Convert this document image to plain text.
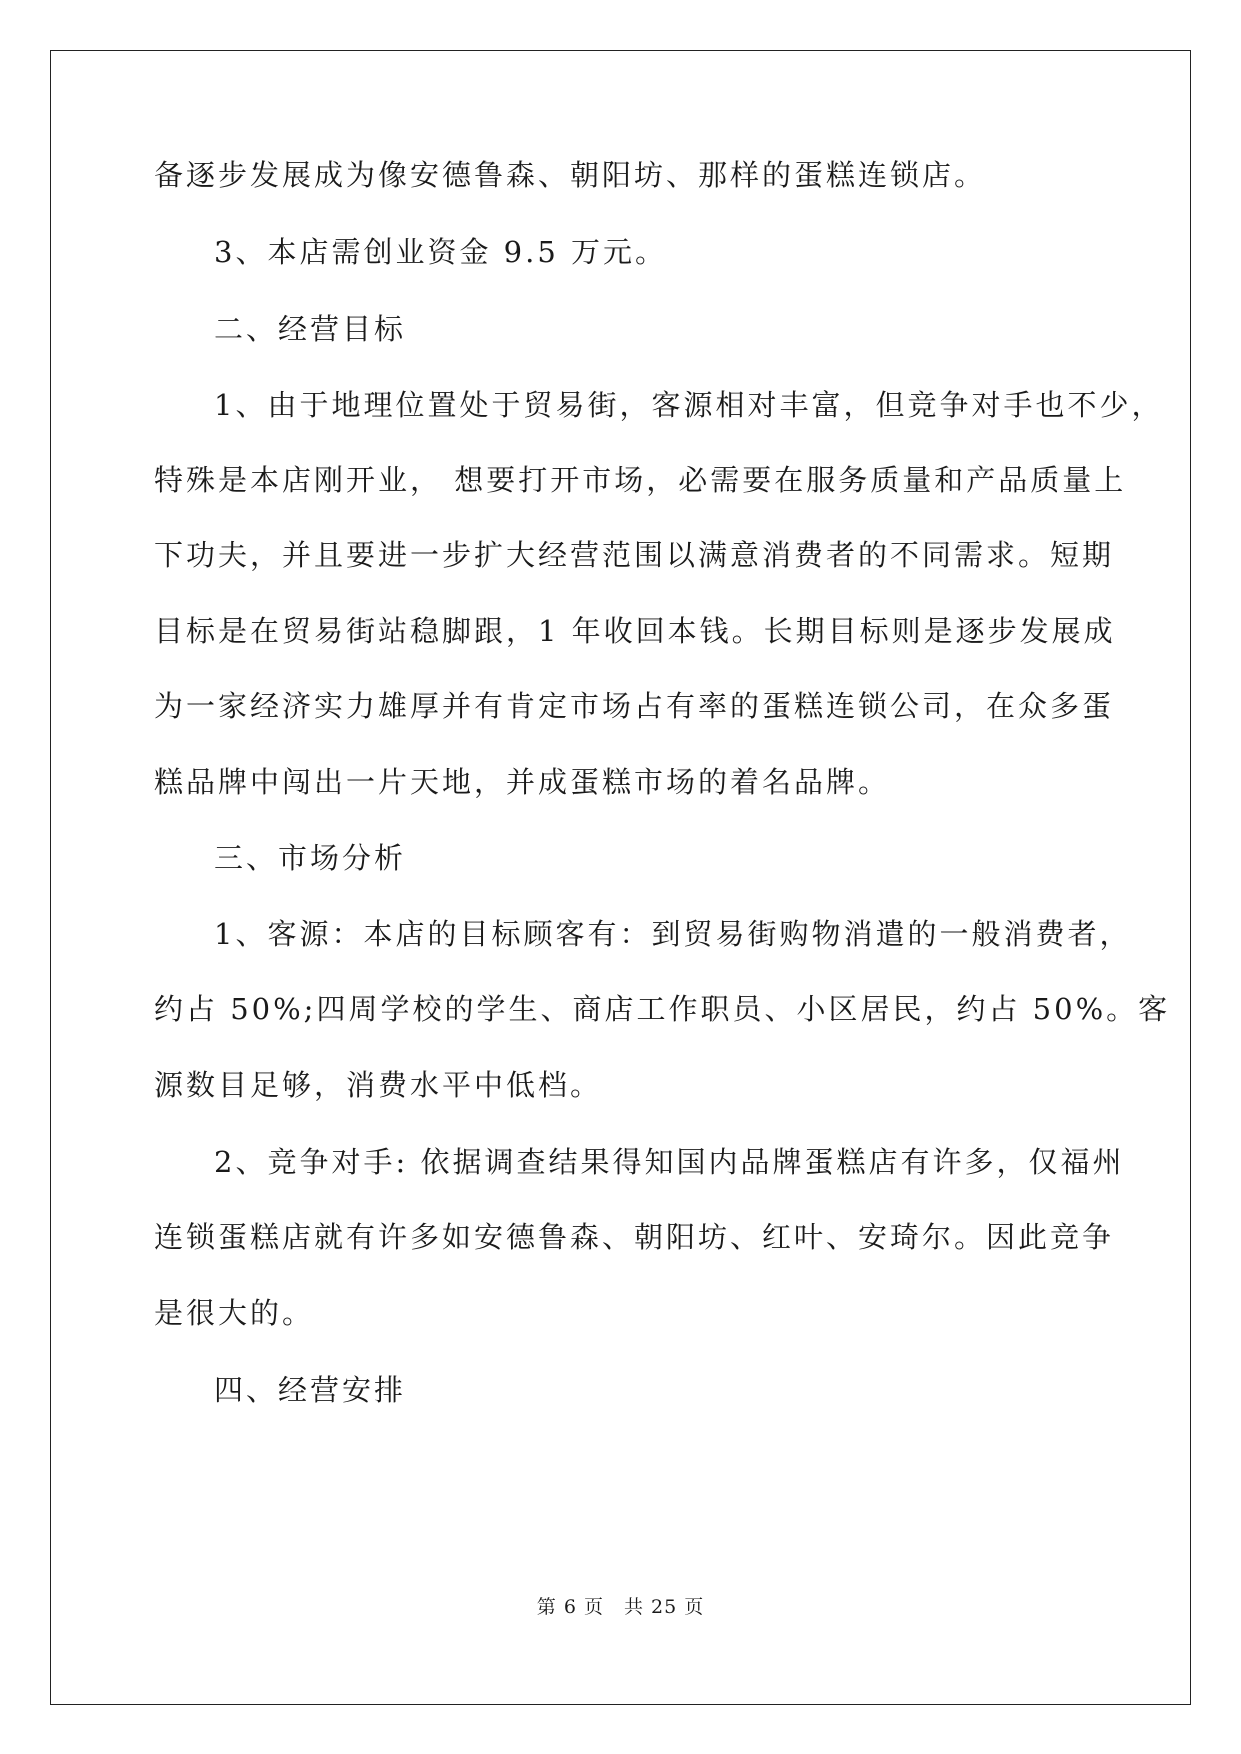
备逐步发展成为像安德鲁森、朝阳坊、那样的蛋糕连锁店。
3、本店需创业资金 9.5 万元。
二、经营目标
1、由于地理位置处于贸易街，客源相对丰富，但竞争对手也不少，
特殊是本店刚开业， 想要打开市场，必需要在服务质量和产品质量上
下功夫，并且要进一步扩大经营范围以满意消费者的不同需求。短期
目标是在贸易街站稳脚跟，1 年收回本钱。长期目标则是逐步发展成
为一家经济实力雄厚并有肯定市场占有率的蛋糕连锁公司，在众多蛋
糕品牌中闯出一片天地，并成蛋糕市场的着名品牌。
三、市场分析
1、客源：本店的目标顾客有：到贸易街购物消遣的一般消费者，
约占 50%;四周学校的学生、商店工作职员、小区居民，约占 50%。客
源数目足够，消费水平中低档。
2、竞争对手: 依据调查结果得知国内品牌蛋糕店有许多，仅福州
连锁蛋糕店就有许多如安德鲁森、朝阳坊、红叶、安琦尔。因此竞争
是很大的。
四、经营安排
第 6 页 共 25 页
